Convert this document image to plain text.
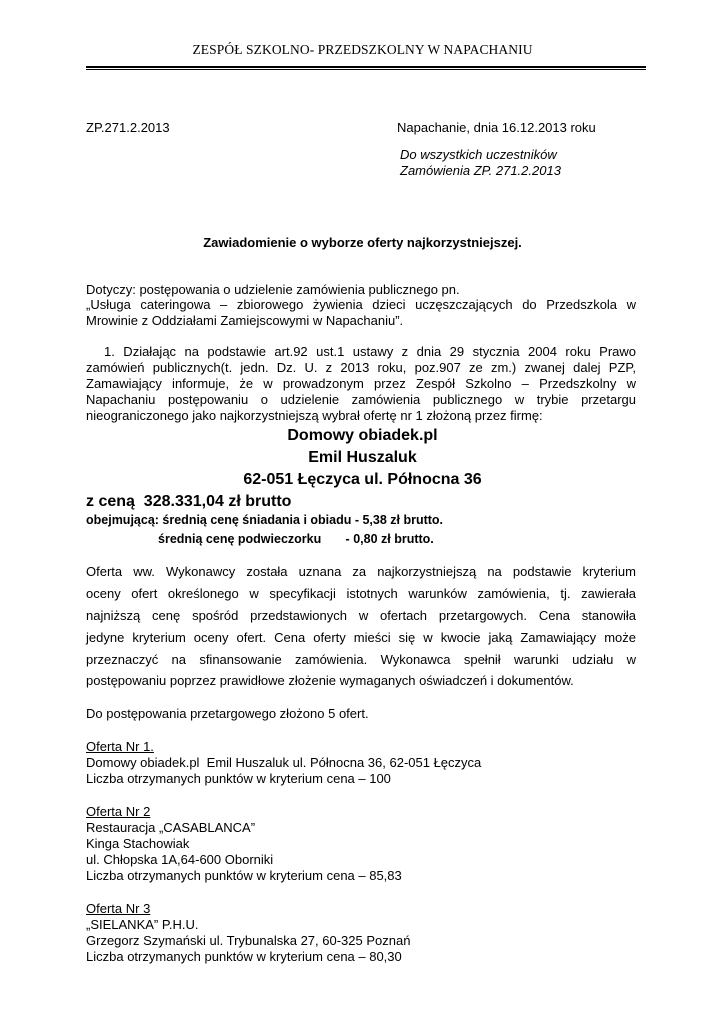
ZESPÓŁ SZKOLNO- PRZEDSZKOLNY W NAPACHANIU
ZP.271.2.2013	Napachanie, dnia 16.12.2013 roku
Do wszystkich uczestników
Zamówienia ZP. 271.2.2013
Zawiadomienie o wyborze oferty najkorzystniejszej.
Dotyczy: postępowania o udzielenie zamówienia publicznego pn.
„Usługa cateringowa – zbiorowego żywienia dzieci uczęszczających do Przedszkola w
Mrowinie z Oddziałami Zamiejscowymi w Napachaniu”.
1. Działając na podstawie art.92 ust.1 ustawy z dnia 29 stycznia 2004 roku Prawo
zamówień publicznych(t. jedn. Dz. U. z 2013 roku, poz.907 ze zm.) zwanej dalej PZP,
Zamawiający informuje, że w prowadzonym przez Zespół Szkolno – Przedszkolny w
Napachaniu postępowaniu o udzielenie zamówienia publicznego w trybie przetargu
nieograniczonego jako najkorzystniejszą wybrał ofertę nr 1 złożoną przez firmę:
Domowy obiadek.pl
Emil Huszaluk
62-051 Łęczyca ul. Północna 36
z ceną  328.331,04 zł brutto
obejmującą: średnią cenę śniadania i obiadu - 5,38 zł brutto.
średnią cenę podwieczorku       - 0,80 zł brutto.
Oferta ww. Wykonawcy została uznana za najkorzystniejszą na podstawie kryterium
oceny ofert określonego w specyfikacji istotnych warunków zamówienia, tj. zawierała
najniższą cenę spośród przedstawionych w ofertach przetargowych. Cena stanowiła
jedyne kryterium oceny ofert. Cena oferty mieści się w kwocie jaką Zamawiający może
przeznaczyć na sfinansowanie zamówienia. Wykonawca spełnił warunki udziału w
postępowaniu poprzez prawidłowe złożenie wymaganych oświadczeń i dokumentów.
Do postępowania przetargowego złożono 5 ofert.
Oferta Nr 1.
Domowy obiadek.pl  Emil Huszaluk ul. Północna 36, 62-051 Łęczyca
Liczba otrzymanych punktów w kryterium cena – 100
Oferta Nr 2
Restauracja „CASABLANCA”
Kinga Stachowiak
ul. Chłopska 1A,64-600 Oborniki
Liczba otrzymanych punktów w kryterium cena – 85,83
Oferta Nr 3
„SIELANKA” P.H.U.
Grzegorz Szymański ul. Trybunalska 27, 60-325 Poznań
Liczba otrzymanych punktów w kryterium cena – 80,30
